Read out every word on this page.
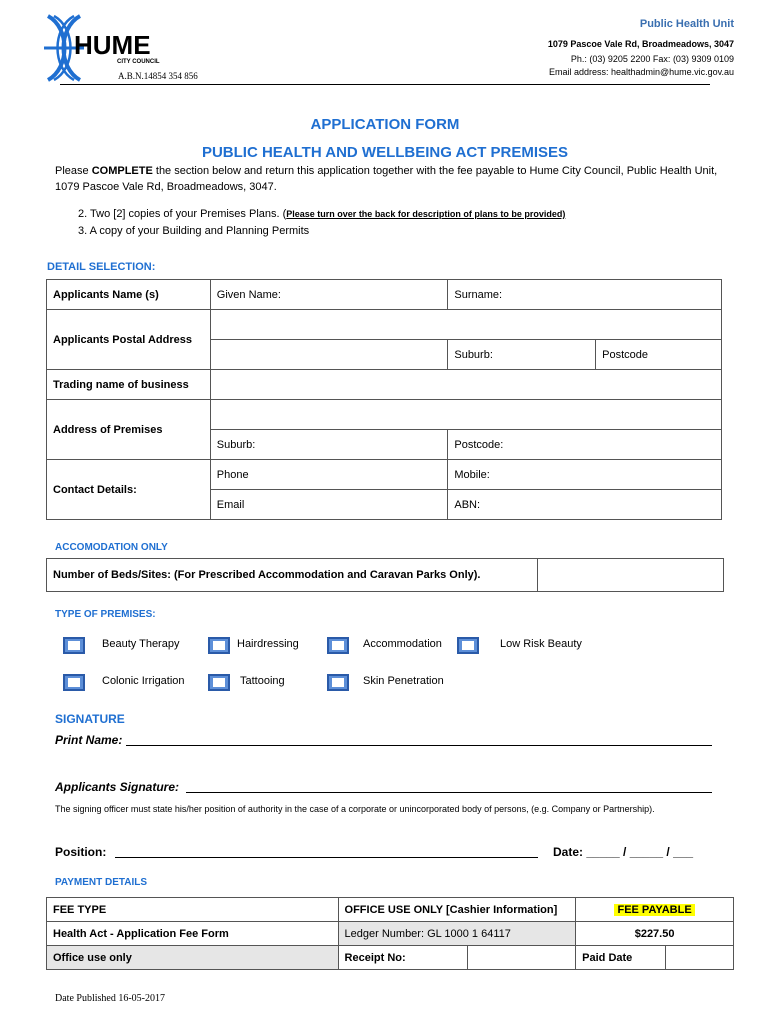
HUME
CITY COUNCIL
A.B.N.14854 354 856
Public Health Unit
1079 Pascoe Vale Rd, Broadmeadows, 3047
Ph.: (03) 9205 2200 Fax: (03) 9309 0109
Email address: healthadmin@hume.vic.gov.au
APPLICATION FORM
PUBLIC HEALTH AND WELLBEING ACT PREMISES
Please COMPLETE the section below and return this application together with the fee payable to Hume City Council, Public Health Unit, 1079 Pascoe Vale Rd, Broadmeadows, 3047.
2. Two [2] copies of your Premises Plans. (Please turn over the back for description of plans to be provided)
3. A copy of your Building and Planning Permits
DETAIL SELECTION:
Applicants Name (s)	Given Name:	Surname:	
Applicants Postal Address			
		Suburb:	Postcode
Trading name of business			
Address of Premises			
	Suburb:	Postcode:	
Contact Details:	Phone	Mobile:	
	Email	ABN:	
ACCOMODATION ONLY
Number of Beds/Sites: (For Prescribed Accommodation and Caravan Parks Only).	
TYPE OF PREMISES:
Beauty Therapy	Hairdressing	Accommodation	Low Risk Beauty
Colonic Irrigation	Tattooing	Skin Penetration
SIGNATURE
Print Name:
Applicants Signature:
The signing officer must state his/her position of authority in the case of a corporate or unincorporated body of persons, (e.g. Company or Partnership).
Position:	Date: _____ / _____ / ___
PAYMENT DETAILS
FEE TYPE	OFFICE USE ONLY [Cashier Information]		FEE PAYABLE	
Health Act - Application Fee Form	Ledger Number: GL 1000 1 64117		$227.50	
Office use only	Receipt No:		Paid Date	
Date Published 16-05-2017
